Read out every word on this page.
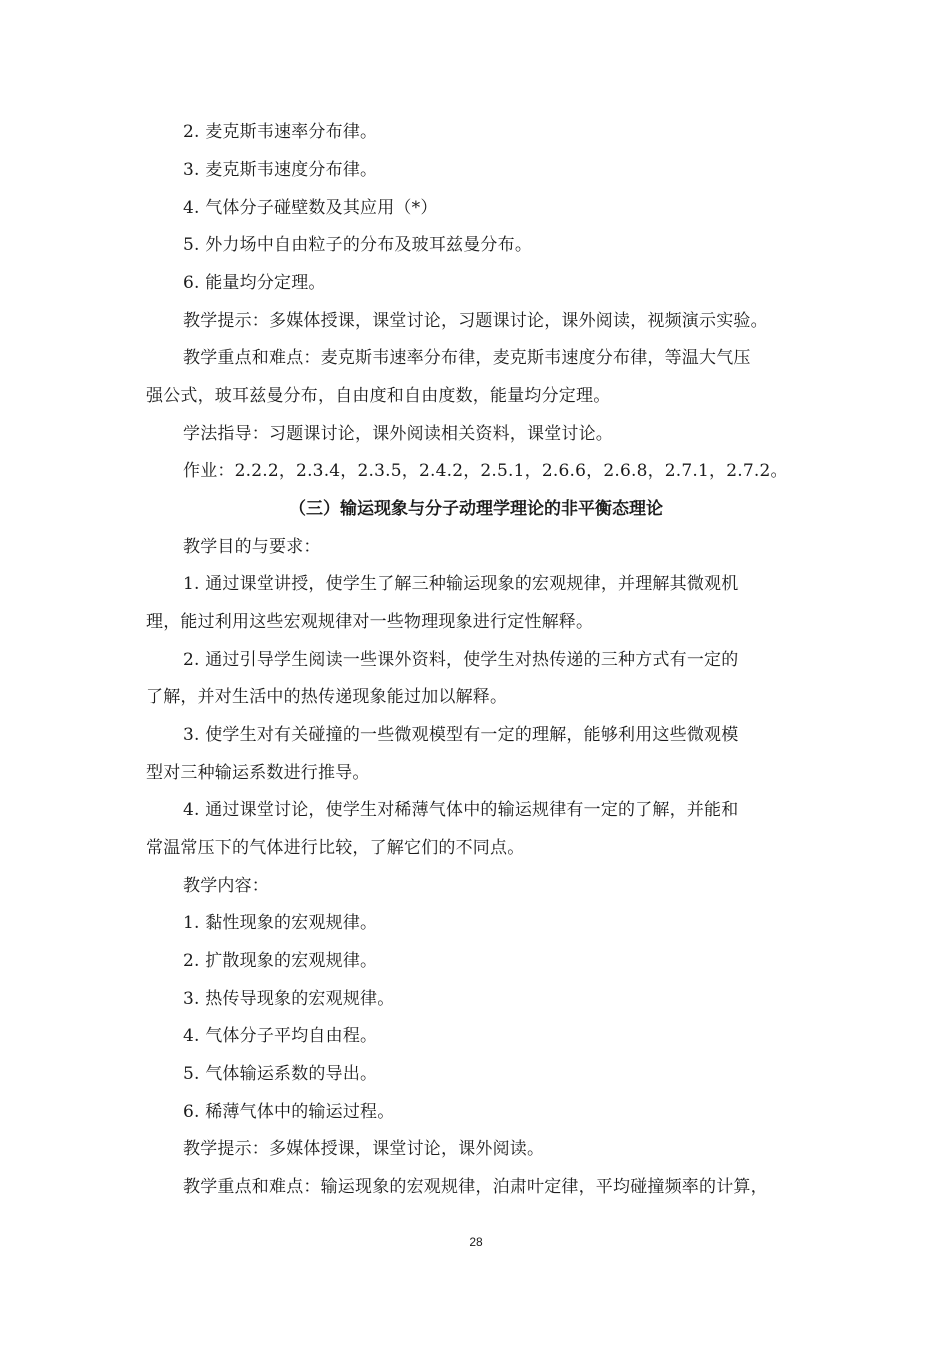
2. 麦克斯韦速率分布律。
3. 麦克斯韦速度分布律。
4. 气体分子碰壁数及其应用（*）
5. 外力场中自由粒子的分布及玻耳兹曼分布。
6. 能量均分定理。
教学提示：多媒体授课，课堂讨论，习题课讨论，课外阅读，视频演示实验。
教学重点和难点：麦克斯韦速率分布律，麦克斯韦速度分布律，等温大气压
强公式，玻耳兹曼分布，自由度和自由度数，能量均分定理。
学法指导：习题课讨论，课外阅读相关资料，课堂讨论。
作业：2.2.2，2.3.4，2.3.5，2.4.2，2.5.1，2.6.6，2.6.8，2.7.1，2.7.2。
（三）输运现象与分子动理学理论的非平衡态理论
教学目的与要求：
1. 通过课堂讲授，使学生了解三种输运现象的宏观规律，并理解其微观机
理，能过利用这些宏观规律对一些物理现象进行定性解释。
2. 通过引导学生阅读一些课外资料，使学生对热传递的三种方式有一定的
了解，并对生活中的热传递现象能过加以解释。
3. 使学生对有关碰撞的一些微观模型有一定的理解，能够利用这些微观模
型对三种输运系数进行推导。
4. 通过课堂讨论，使学生对稀薄气体中的输运规律有一定的了解，并能和
常温常压下的气体进行比较，了解它们的不同点。
教学内容：
1. 黏性现象的宏观规律。
2. 扩散现象的宏观规律。
3. 热传导现象的宏观规律。
4. 气体分子平均自由程。
5. 气体输运系数的导出。
6. 稀薄气体中的输运过程。
教学提示：多媒体授课，课堂讨论，课外阅读。
教学重点和难点：输运现象的宏观规律，泊肃叶定律，平均碰撞频率的计算，
28
